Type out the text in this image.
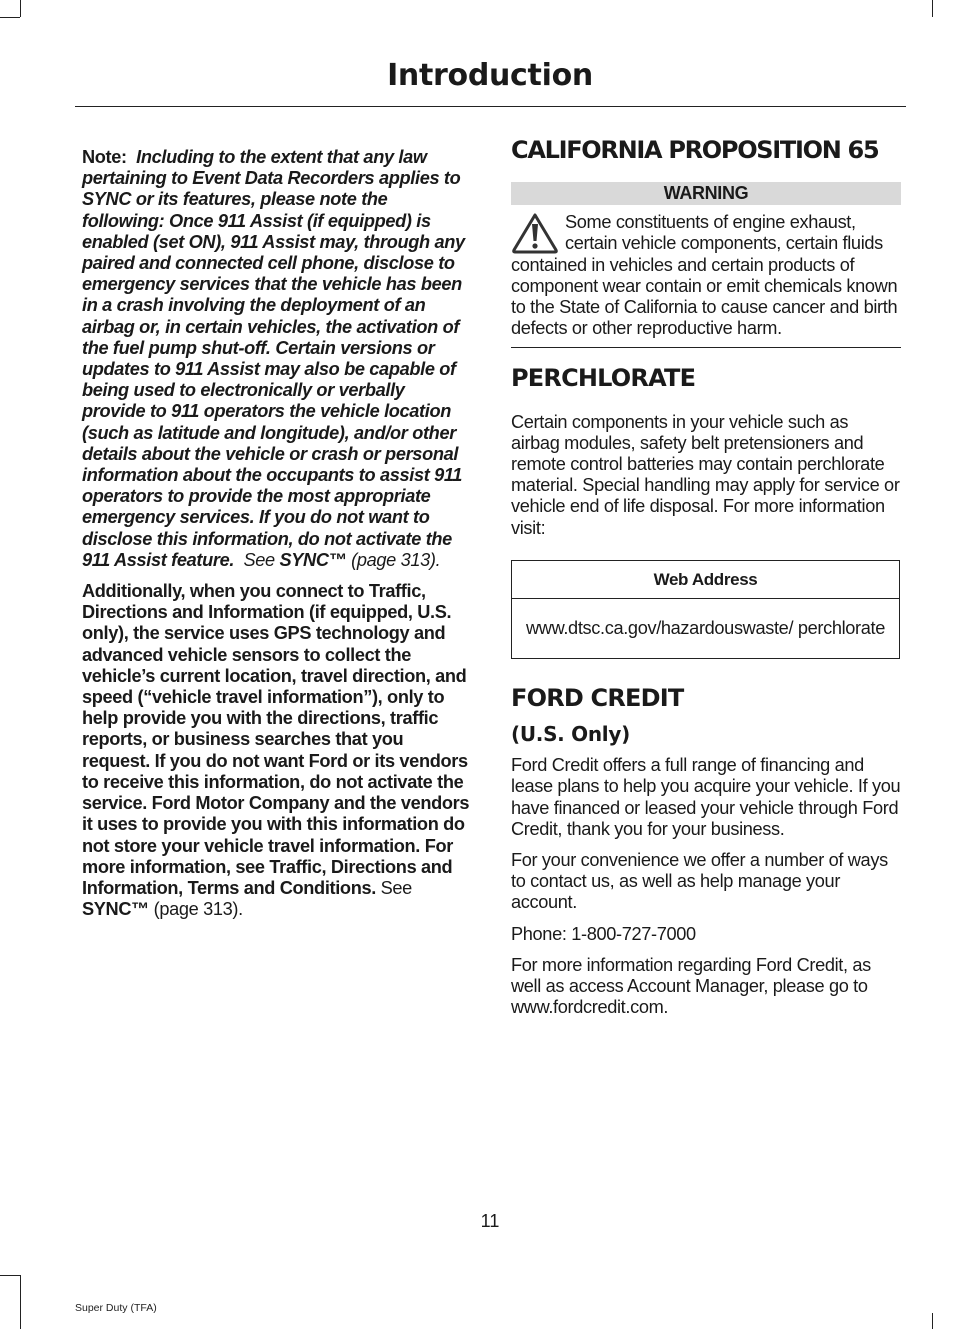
Introduction

Note: Including to the extent that any law pertaining to Event Data Recorders applies to SYNC or its features, please note the following: Once 911 Assist (if equipped) is enabled (set ON), 911 Assist may, through any paired and connected cell phone, disclose to emergency services that the vehicle has been in a crash involving the deployment of an airbag or, in certain vehicles, the activation of the fuel pump shut-off. Certain versions or updates to 911 Assist may also be capable of being used to electronically or verbally provide to 911 operators the vehicle location (such as latitude and longitude), and/or other details about the vehicle or crash or personal information about the occupants to assist 911 operators to provide the most appropriate emergency services. If you do not want to disclose this information, do not activate the 911 Assist feature. See SYNC™ (page 313).

Additionally, when you connect to Traffic, Directions and Information (if equipped, U.S. only), the service uses GPS technology and advanced vehicle sensors to collect the vehicle’s current location, travel direction, and speed (“vehicle travel information”), only to help provide you with the directions, traffic reports, or business searches that you request. If you do not want Ford or its vendors to receive this information, do not activate the service. Ford Motor Company and the vendors it uses to provide you with this information do not store your vehicle travel information. For more information, see Traffic, Directions and Information, Terms and Conditions. See SYNC™ (page 313).

CALIFORNIA PROPOSITION 65
WARNING
Some constituents of engine exhaust, certain vehicle components, certain fluids contained in vehicles and certain products of component wear contain or emit chemicals known to the State of California to cause cancer and birth defects or other reproductive harm.
PERCHLORATE

Certain components in your vehicle such as airbag modules, safety belt pretensioners and remote control batteries may contain perchlorate material. Special handling may apply for service or vehicle end of life disposal. For more information visit:

Web Address
www.dtsc.ca.gov/hazardouswaste/ perchlorate
FORD CREDIT
(U.S. Only)

Ford Credit offers a full range of financing and lease plans to help you acquire your vehicle. If you have financed or leased your vehicle through Ford Credit, thank you for your business.

For your convenience we offer a number of ways to contact us, as well as help manage your account.

Phone: 1-800-727-7000

For more information regarding Ford Credit, as well as access Account Manager, please go to www.fordcredit.com.

11
Super Duty (TFA)
